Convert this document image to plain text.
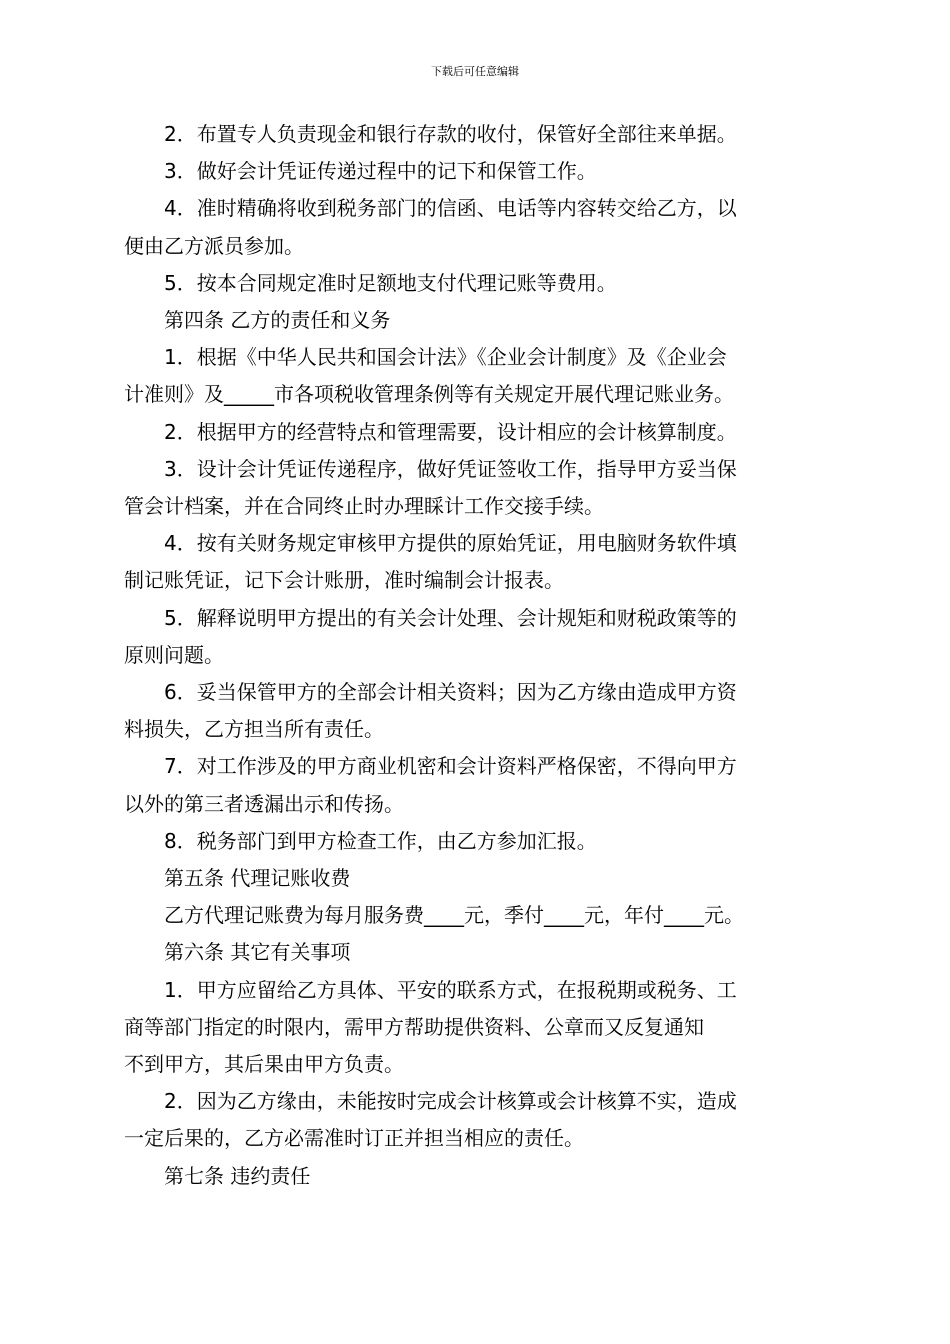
下载后可任意编辑

2．布置专人负责现金和银行存款的收付，保管好全部往来单据。

3．做好会计凭证传递过程中的记下和保管工作。

4．准时精确将收到税务部门的信函、电话等内容转交给乙方，以
便由乙方派员参加。

5．按本合同规定准时足额地支付代理记账等费用。

第四条 乙方的责任和义务

1．根据《中华人民共和国会计法》《企业会计制度》及《企业会
计准则》及_____市各项税收管理条例等有关规定开展代理记账业务。

2．根据甲方的经营特点和管理需要，设计相应的会计核算制度。

3．设计会计凭证传递程序，做好凭证签收工作，指导甲方妥当保
管会计档案，并在合同终止时办理睬计工作交接手续。

4．按有关财务规定审核甲方提供的原始凭证，用电脑财务软件填
制记账凭证，记下会计账册，准时编制会计报表。

5．解释说明甲方提出的有关会计处理、会计规矩和财税政策等的
原则问题。

6．妥当保管甲方的全部会计相关资料；因为乙方缘由造成甲方资
料损失，乙方担当所有责任。

7．对工作涉及的甲方商业机密和会计资料严格保密，不得向甲方
以外的第三者透漏出示和传扬。

8．税务部门到甲方检查工作，由乙方参加汇报。

第五条 代理记账收费

乙方代理记账费为每月服务费____元，季付____元，年付____元。

第六条 其它有关事项

1．甲方应留给乙方具体、平安的联系方式，在报税期或税务、工
商等部门指定的时限内，需甲方帮助提供资料、公章而又反复通知
不到甲方，其后果由甲方负责。

2．因为乙方缘由，未能按时完成会计核算或会计核算不实，造成
一定后果的，乙方必需准时订正并担当相应的责任。

第七条 违约责任
